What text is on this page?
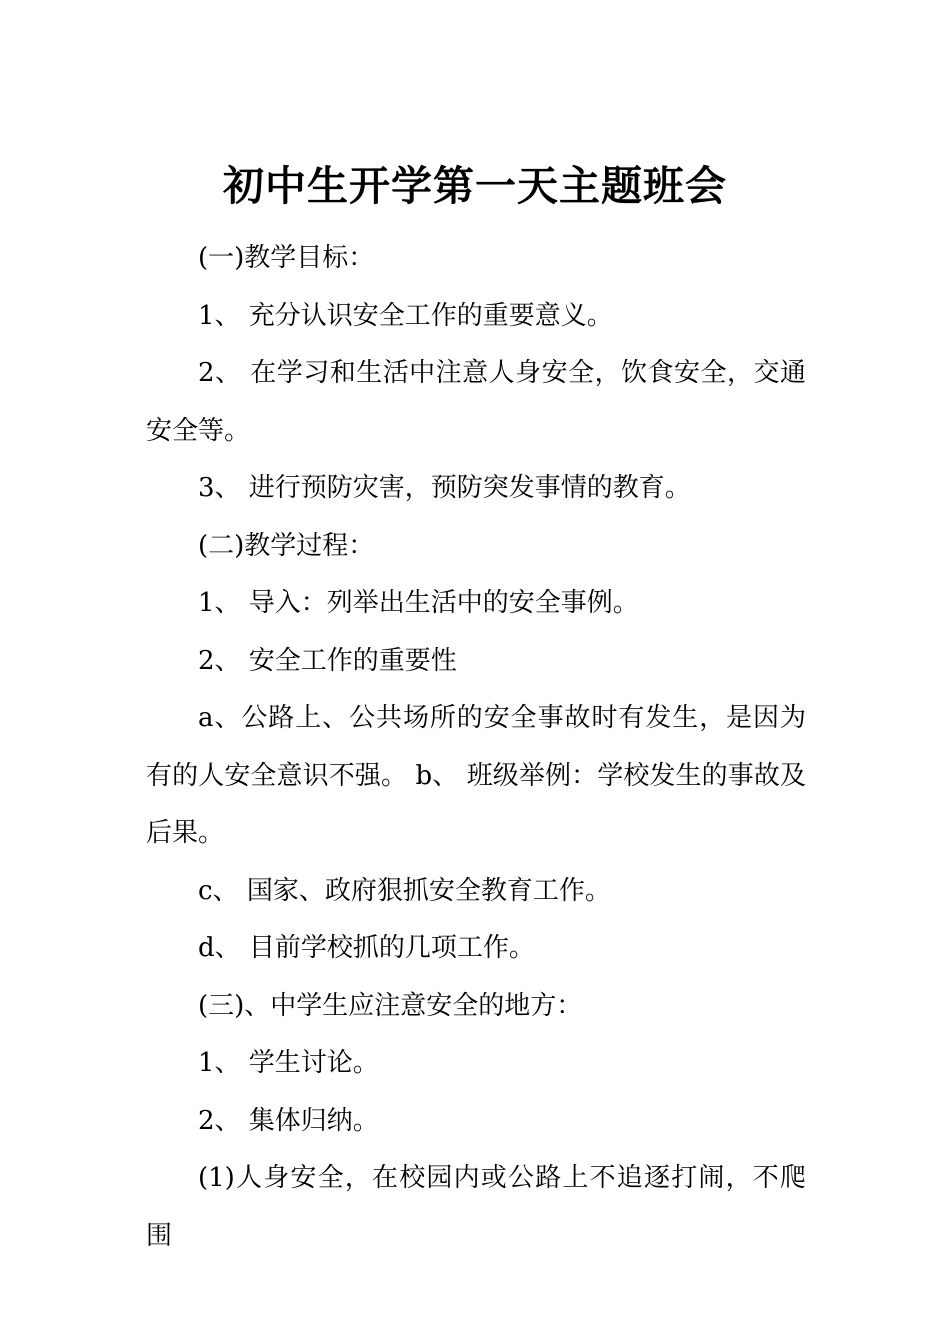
初中生开学第一天主题班会

(一)教学目标：

1、 充分认识安全工作的重要意义。

2、 在学习和生活中注意人身安全，饮食安全，交通安全等。

3、 进行预防灾害，预防突发事情的教育。

(二)教学过程：

1、 导入：列举出生活中的安全事例。

2、 安全工作的重要性

a、公路上、公共场所的安全事故时有发生，是因为有的人安全意识不强。 b、 班级举例：学校发生的事故及后果。

c、 国家、政府狠抓安全教育工作。

d、 目前学校抓的几项工作。

(三)、中学生应注意安全的地方：

1、 学生讨论。

2、 集体归纳。

(1)人身安全，在校园内或公路上不追逐打闹，不爬围
